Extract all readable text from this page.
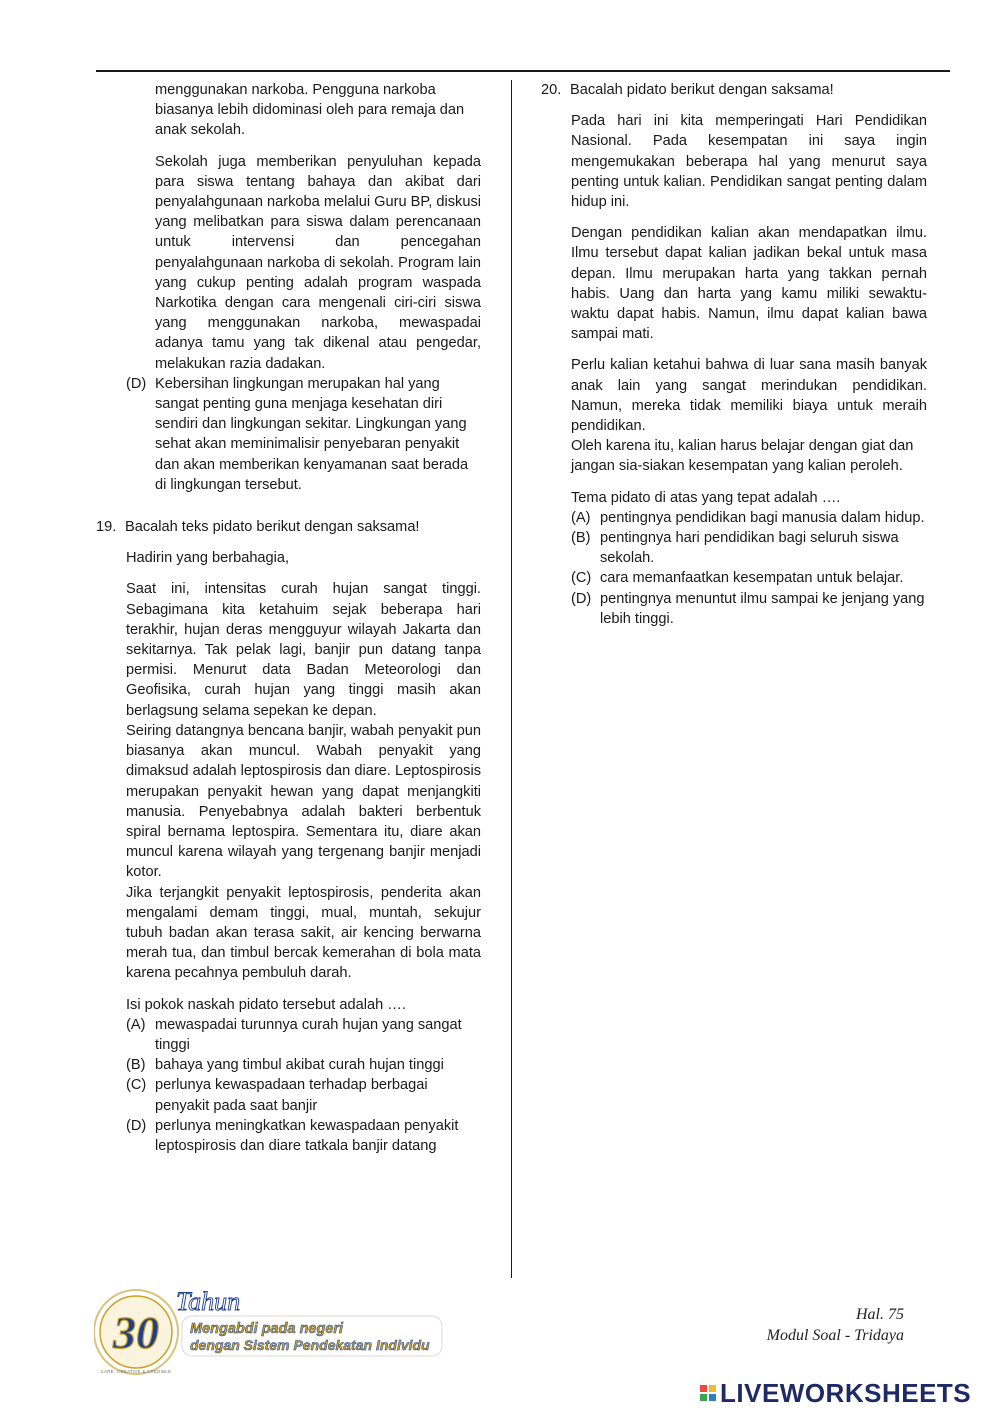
menggunakan narkoba. Pengguna narkoba biasanya lebih didominasi oleh para remaja dan anak sekolah.

Sekolah juga memberikan penyuluhan kepada para siswa tentang bahaya dan akibat dari penyalahgunaan narkoba melalui Guru BP, diskusi yang melibatkan para siswa dalam perencanaan untuk intervensi dan pencegahan penyalahgunaan narkoba di sekolah. Program lain yang cukup penting adalah program waspada Narkotika dengan cara mengenali ciri-ciri siswa yang menggunakan narkoba, mewaspadai adanya tamu yang tak dikenal atau pengedar, melakukan razia dadakan.

(D) Kebersihan lingkungan merupakan hal yang sangat penting guna menjaga kesehatan diri sendiri dan lingkungan sekitar. Lingkungan yang sehat akan meminimalisir penyebaran penyakit dan akan memberikan kenyamanan saat berada di lingkungan tersebut.
19. Bacalah teks pidato berikut dengan saksama!

Hadirin yang berbahagia,

Saat ini, intensitas curah hujan sangat tinggi. Sebagimana kita ketahuim sejak beberapa hari terakhir, hujan deras mengguyur wilayah Jakarta dan sekitarnya. Tak pelak lagi, banjir pun datang tanpa permisi. Menurut data Badan Meteorologi dan Geofisika, curah hujan yang tinggi masih akan berlagsung selama sepekan ke depan.

Seiring datangnya bencana banjir, wabah penyakit pun biasanya akan muncul. Wabah penyakit yang dimaksud adalah leptospirosis dan diare. Leptospirosis merupakan penyakit hewan yang dapat menjangkiti manusia. Penyebabnya adalah bakteri berbentuk spiral bernama leptospira. Sementara itu, diare akan muncul karena wilayah yang tergenang banjir menjadi kotor.

Jika terjangkit penyakit leptospirosis, penderita akan mengalami demam tinggi, mual, muntah, sekujur tubuh badan akan terasa sakit, air kencing berwarna merah tua, dan timbul bercak kemerahan di bola mata karena pecahnya pembuluh darah.

Isi pokok naskah pidato tersebut adalah ….

(A) mewaspadai turunnya curah hujan yang sangat tinggi
(B) bahaya yang timbul akibat curah hujan tinggi
(C) perlunya kewaspadaan terhadap berbagai penyakit pada saat banjir
(D) perlunya meningkatkan kewaspadaan penyakit leptospirosis dan diare tatkala banjir datang
20. Bacalah pidato berikut dengan saksama!

Pada hari ini kita memperingati Hari Pendidikan Nasional. Pada kesempatan ini saya ingin mengemukakan beberapa hal yang menurut saya penting untuk kalian. Pendidikan sangat penting dalam hidup ini.

Dengan pendidikan kalian akan mendapatkan ilmu. Ilmu tersebut dapat kalian jadikan bekal untuk masa depan. Ilmu merupakan harta yang takkan pernah habis. Uang dan harta yang kamu miliki sewaktu-waktu dapat habis. Namun, ilmu dapat kalian bawa sampai mati.

Perlu kalian ketahui bahwa di luar sana masih banyak anak lain yang sangat merindukan pendidikan. Namun, mereka tidak memiliki biaya untuk meraih pendidikan.

Oleh karena itu, kalian harus belajar dengan giat dan jangan sia-siakan kesempatan yang kalian peroleh.

Tema pidato di atas yang tepat adalah ….

(A) pentingnya pendidikan bagi manusia dalam hidup.
(B) pentingnya hari pendidikan bagi seluruh siswa sekolah.
(C) cara memanfaatkan kesempatan untuk belajar.
(D) pentingnya menuntut ilmu sampai ke jenjang yang lebih tinggi.
Hal. 75
Modul Soal - Tridaya
30
CARE, CREATIVE & CREDIBLE
Tahun
Mengabdi pada negeri
dengan Sistem Pendekatan Individu
LIVEWORKSHEETS
